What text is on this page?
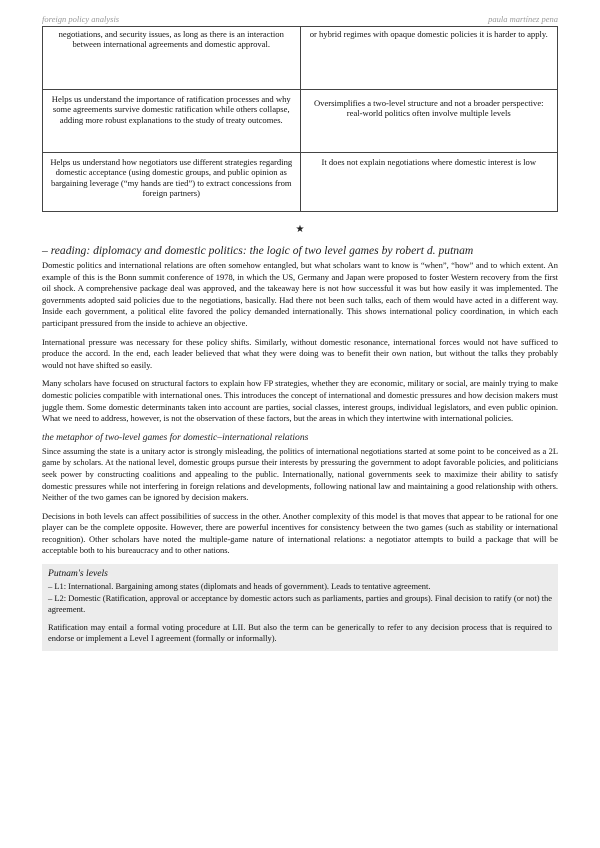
foreign policy analysis	paula martínez pena
negotiations, and security issues, as long as there is an interaction between international agreements and domestic approval.	or hybrid regimes with opaque domestic policies it is harder to apply.
Helps us understand the importance of ratification processes and why some agreements survive domestic ratification while others collapse, adding more robust explanations to the study of treaty outcomes.	Oversimplifies a two-level structure and not a broader perspective: real-world politics often involve multiple levels
Helps us understand how negotiators use different strategies regarding domestic acceptance (using domestic groups, and public opinion as bargaining leverage (“my hands are tied”) to extract concessions from foreign partners)	It does not explain negotiations where domestic interest is low
★
– reading: diplomacy and domestic politics: the logic of two level games by robert d. putnam

Domestic politics and international relations are often somehow entangled, but what scholars want to know is “when”, “how” and to which extent. An example of this is the Bonn summit conference of 1978, in which the US, Germany and Japan were proposed to foster Western recovery from the first oil shock. A comprehensive package deal was approved, and the takeaway here is not how successful it was but how easily it was implemented. The governments adopted said policies due to the negotiations, basically. Had there not been such talks, each of them would have acted in a different way. Inside each government, a political elite favored the policy demanded internationally. This shows international policy coordination, in which each participant pressured from the inside to achieve an objective.

International pressure was necessary for these policy shifts. Similarly, without domestic resonance, international forces would not have sufficed to produce the accord. In the end, each leader believed that what they were doing was to benefit their own nation, but without the talks they probably would not have shifted so easily.

Many scholars have focused on structural factors to explain how FP strategies, whether they are economic, military or social, are mainly trying to make domestic policies compatible with international ones. This introduces the concept of international and domestic pressures and how decision makers must juggle them. Some domestic determinants taken into account are parties, social classes, interest groups, individual legislators, and even public opinion. What we need to address, however, is not the observation of these factors, but the areas in which they intertwine with international policies.

the metaphor of two-level games for domestic–international relations

Since assuming the state is a unitary actor is strongly misleading, the politics of international negotiations started at some point to be conceived as a 2L game by scholars. At the national level, domestic groups pursue their interests by pressuring the government to adopt favorable policies, and politicians seek power by constructing coalitions and appealing to the public. Internationally, national governments seek to maximize their ability to satisfy domestic pressures while not interfering in foreign relations and developments, following national law and maintaining a good relationship with others. Neither of the two games can be ignored by decision makers.

Decisions in both levels can affect possibilities of success in the other. Another complexity of this model is that moves that appear to be rational for one player can be the complete opposite. However, there are powerful incentives for consistency between the two games (such as stability or international recognition). Other scholars have noted the multiple-game nature of international relations: a negotiator attempts to build a package that will be acceptable both to his bureaucracy and to other nations.

Putnam's levels
– L1: International. Bargaining among states (diplomats and heads of government). Leads to tentative agreement.
– L2: Domestic (Ratification, approval or acceptance by domestic actors such as parliaments, parties and groups). Final decision to ratify (or not) the agreement.

Ratification may entail a formal voting procedure at LII. But also the term can be generically to refer to any decision process that is required to endorse or implement a Level I agreement (formally or informally).
